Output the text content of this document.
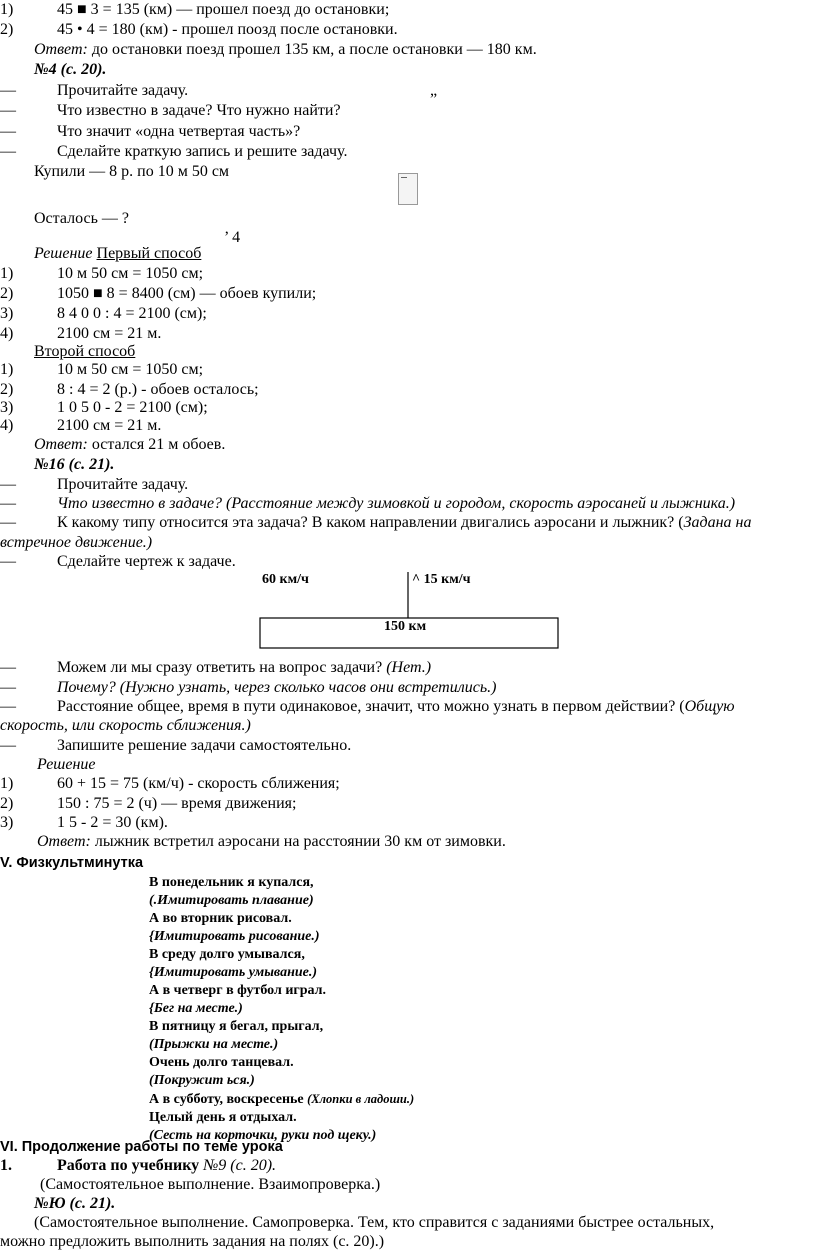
1)	45 ■ 3 = 135 (км) — прошел поезд до остановки;
2)	45 • 4 = 180 (км) - прошел поозд после остановки.
Ответ: до остановки поезд прошел 135 км, а после остановки — 180 км.
№4 (с. 20).
—	Прочитайте задачу.	„
—	Что известно в задаче? Что нужно найти?
—	Что значит «одна четвертая часть»?
—	Сделайте краткую запись и решите задачу.
Купили — 8 р. по 10 м 50 см
Осталось — ?
’ 4
Решение Первый способ
1)	10 м 50 см = 1050 см;
2)	1050 ■ 8 = 8400 (см) — обоев купили;
3)	8 4 0 0 : 4 = 2100 (см);
4)	2100 см = 21 м.
Второй способ
1)	10 м 50 см = 1050 см;
2)	8 : 4 = 2 (р.) - обоев осталось;
3)	1 0 5 0 - 2 = 2100 (см);
4)	2100 см = 21 м.
Ответ: остался 21 м обоев.
№16 (с. 21).
—	Прочитайте задачу.
—	Что известно в задаче? (Расстояние между зимовкой и городом, скорость аэросаней и лыжника.)
—	К какому типу относится эта задача? В каком направлении двигались аэросани и лыжник? (Задана на
встречное движение.)
—	Сделайте чертеж к задаче.
60 км/ч	^ 15 км/ч
150 км
—	Можем ли мы сразу ответить на вопрос задачи? (Нет.)
—	Почему? (Нужно узнать, через сколько часов они встретились.)
—	Расстояние общее, время в пути одинаковое, значит, что можно узнать в первом действии? (Общую
скорость, или скорость сближения.)
—	Запишите решение задачи самостоятельно.
Решение
1)	60 + 15 = 75 (км/ч) - скорость сближения;
2)	150 : 75 = 2 (ч) — время движения;
3)	1 5 - 2 = 30 (км).
Ответ: лыжник встретил аэросани на расстоянии 30 км от зимовки.
V. Физкультминутка
В понедельник я купался,
(.Имитировать плавание)
А во вторник рисовал.
{Имитировать рисование.)
В среду долго умывался,
{Имитировать умывание.)
А в четверг в футбол играл.
{Бег на месте.)
В пятницу я бегал, прыгал,
(Прыжки на месте.)
Очень долго танцевал.
(Покружит ься.)
А в субботу, воскресенье (Хлопки в ладоши.)
Целый день я отдыхал.
(Сесть на корточки, руки под щеку.)
VI. Продолжение работы по теме урока
1.	Работа по учебнику №9 (с. 20).
(Самостоятельное выполнение. Взаимопроверка.)
№Ю (с. 21).
(Самостоятельное выполнение. Самопроверка. Тем, кто справится с заданиями быстрее остальных,
можно предложить выполнить задания на полях (с. 20).)
